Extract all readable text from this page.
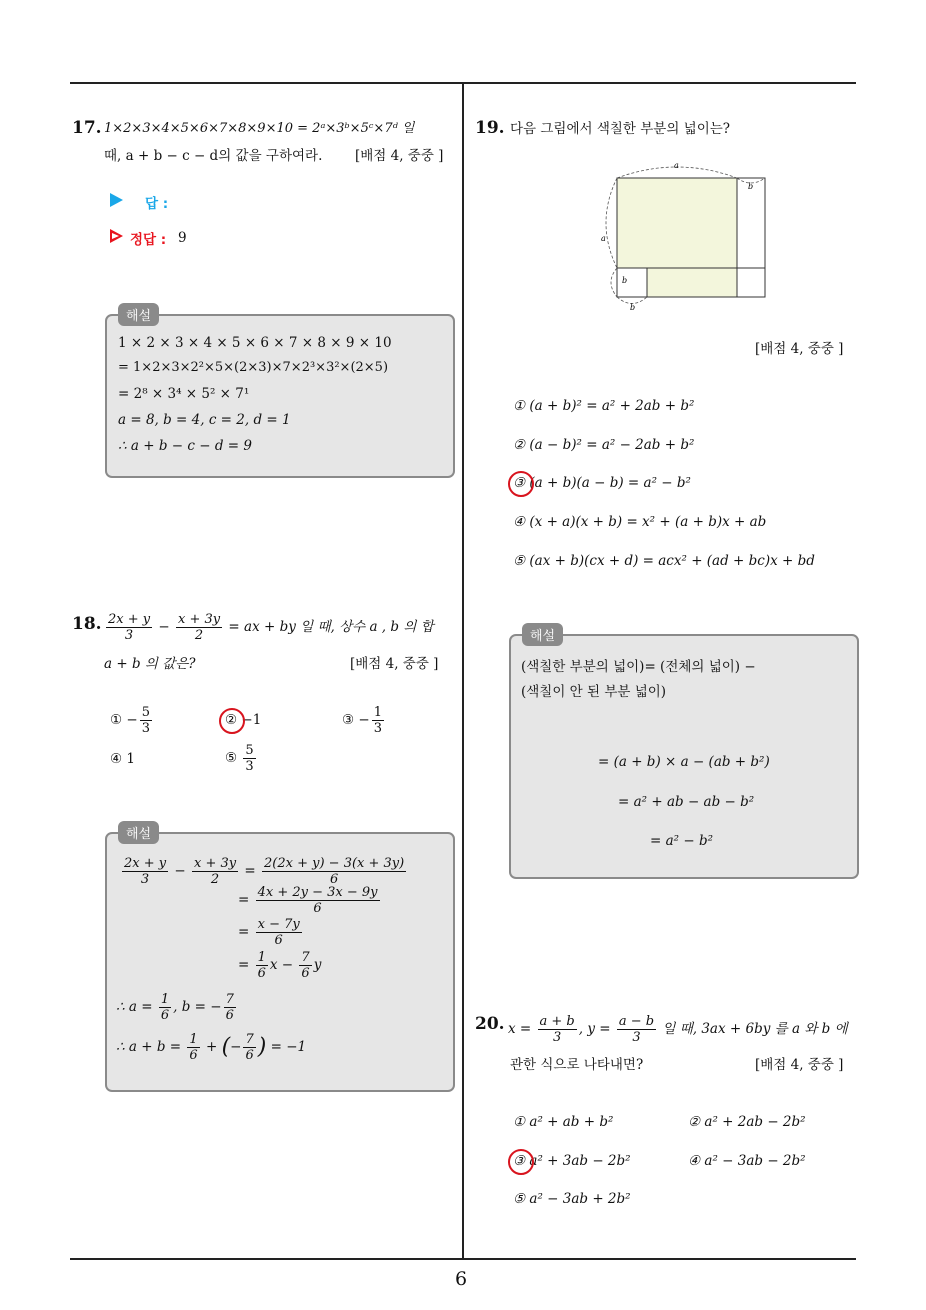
6
17. 1×2×3×4×5×6×7×8×9×10 = 2ᵃ×3ᵇ×5ᶜ×7ᵈ 일
때, a + b − c − d의 값을 구하여라. [배점 4, 중중 ]
답 :
정답 : 9
해설
1 × 2 × 3 × 4 × 5 × 6 × 7 × 8 × 9 × 10
= 1×2×3×2²×5×(2×3)×7×2³×3²×(2×5)
= 2⁸ × 3⁴ × 5² × 7¹
a = 8, b = 4, c = 2, d = 1
∴ a + b − c − d = 9
18. $\frac{2x + y}{3} - \frac{x + 3y}{2}$ = ax + by 일 때, 상수 a , b 의 합
a + b 의 값은?	[배점 4, 중중 ]
① − $\frac{5}{3}$	② −1	③ − $\frac{1}{3}$
④ 1	⑤ $\frac{5}{3}$
해설
$\frac{2x + y}{3} - \frac{x + 3y}{2} = \frac{2(2x + y) - 3(x + 3y)}{6}$
= $\frac{4x + 2y - 3x - 9y}{6}$
= $\frac{x - 7y}{6}$
= $\frac{1}{6}$ $x - \frac{7}{6}$ y
∴ $a = \frac{1}{6}$ , b = − $\frac{7}{6}$
∴ $a + b = \frac{1}{6}$ + (− $\frac{7}{6}$ ) = −1
19. 다음 그림에서 색칠한 부분의 넓이는?
a
b
a
b
b
[배점 4, 중중 ]
① (a + b)² = a² + 2ab + b²
② (a − b)² = a² − 2ab + b²
③ (a + b)(a − b) = a² − b²
④ (x + a)(x + b) = x² + (a + b)x + ab
⑤ (ax + b)(cx + d) = acx² + (ad + bc)x + bd
해설
(색칠한 부분의 넓이)= (전체의 넓이) −
(색칠이 안 된 부분 넓이)
= (a + b) × a − (ab + b²)
= a² + ab − ab − b²
= a² − b²
20. $x = \frac{a + b}{3}$ , $y = \frac{a - b}{3}$ 일 때, 3ax + 6by 를 a 와 b 에
관한 식으로 나타내면?	[배점 4, 중중 ]
① a² + ab + b²	② a² + 2ab − 2b²
③ a² + 3ab − 2b²	④ a² − 3ab − 2b²
⑤ a² − 3ab + 2b²
